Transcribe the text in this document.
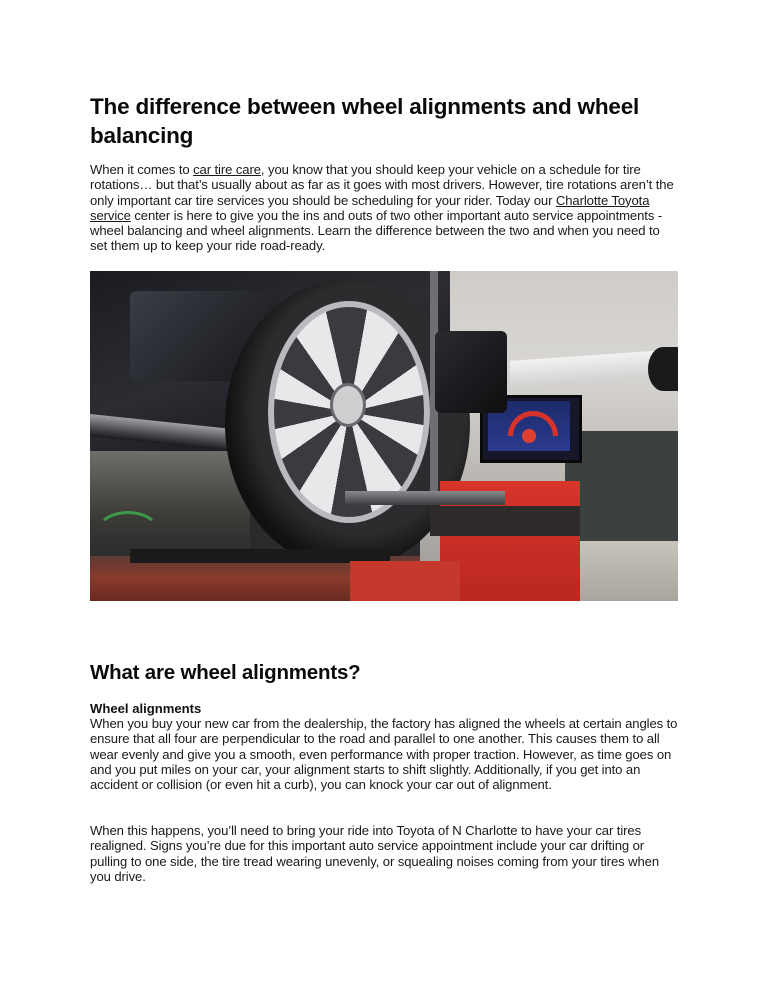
The difference between wheel alignments and wheel balancing

When it comes to car tire care, you know that you should keep your vehicle on a schedule for tire rotations… but that’s usually about as far as it goes with most drivers. However, tire rotations aren’t the only important car tire services you should be scheduling for your rider. Today our Charlotte Toyota service center is here to give you the ins and outs of two other important auto service appointments - wheel balancing and wheel alignments. Learn the difference between the two and when you need to set them up to keep your ride road-ready.

What are wheel alignments?

Wheel alignments

When you buy your new car from the dealership, the factory has aligned the wheels at certain angles to ensure that all four are perpendicular to the road and parallel to one another. This causes them to all wear evenly and give you a smooth, even performance with proper traction. However, as time goes on and you put miles on your car, your alignment starts to shift slightly. Additionally, if you get into an accident or collision (or even hit a curb), you can knock your car out of alignment.

When this happens, you’ll need to bring your ride into Toyota of N Charlotte to have your car tires realigned. Signs you’re due for this important auto service appointment include your car drifting or pulling to one side, the tire tread wearing unevenly, or squealing noises coming from your tires when you drive.
